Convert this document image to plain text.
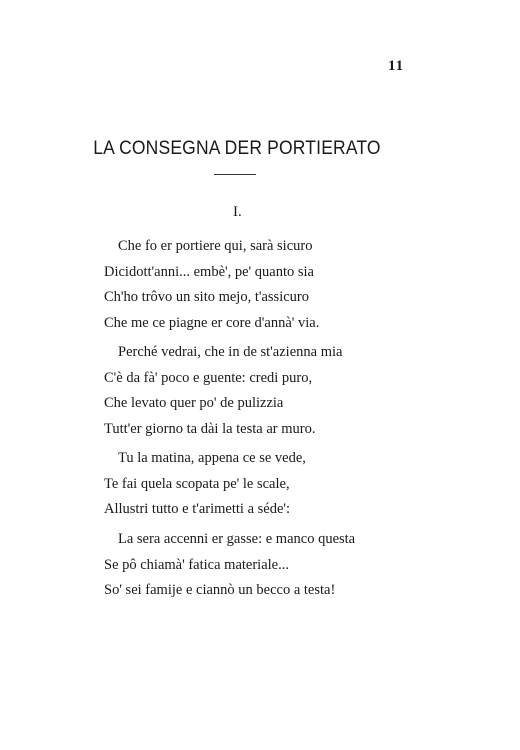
11
LA CONSEGNA DER PORTIERATO
I.
Che fo er portiere qui, sarà sicuro
Dicidott'anni... embè', pe' quanto sia
Ch'ho trôvo un sito mejo, t'assicuro
Che me ce piagne er core d'annà' via.
Perché vedrai, che in de st'azienna mia
C'è da fà' poco e guente: credi puro,
Che levato quer po' de pulizzia
Tutt'er giorno ta dài la testa ar muro.
Tu la matina, appena ce se vede,
Te fai quela scopata pe' le scale,
Allustri tutto e t'arimetti a séde':
La sera accenni er gasse: e manco questa
Se pô chiamà' fatica materiale...
So' sei famije e ciannò un becco a testa!
